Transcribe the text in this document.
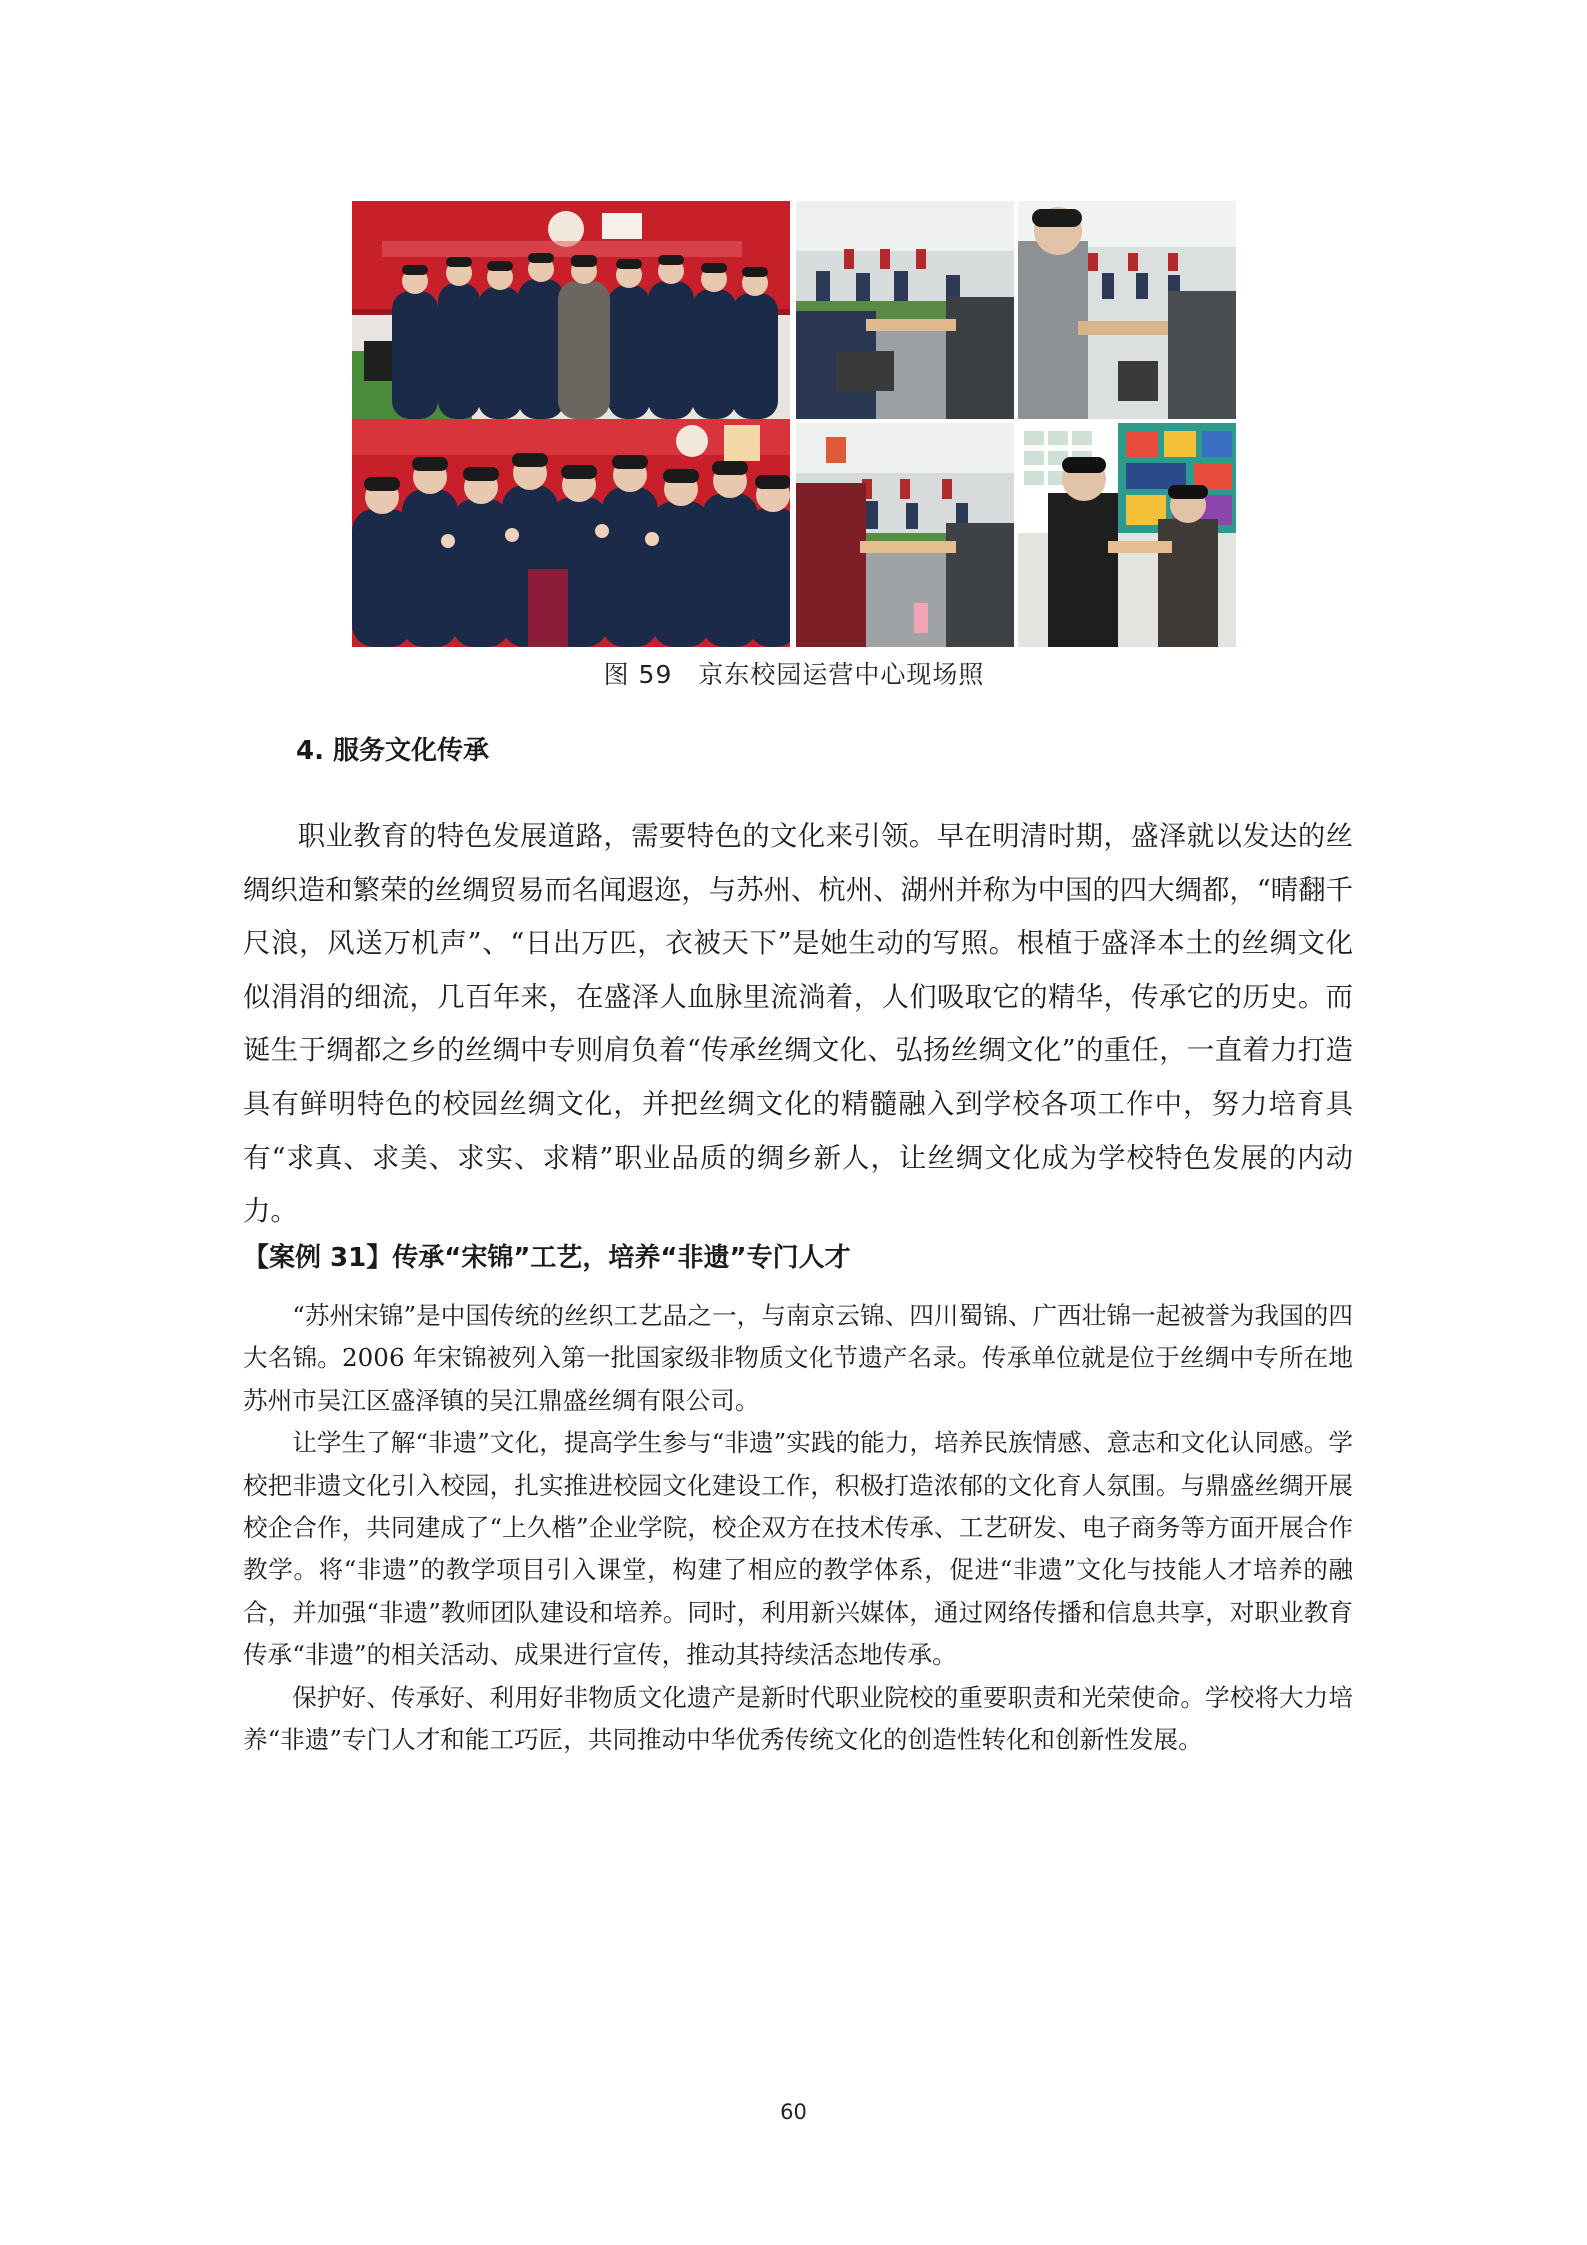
图 59 京东校园运营中心现场照
4. 服务文化传承

职业教育的特色发展道路，需要特色的文化来引领。早在明清时期，盛泽就以发达的丝绸织造和繁荣的丝绸贸易而名闻遐迩，与苏州、杭州、湖州并称为中国的四大绸都，“晴翻千尺浪，风送万机声”、“日出万匹，衣被天下”是她生动的写照。根植于盛泽本土的丝绸文化似涓涓的细流，几百年来，在盛泽人血脉里流淌着，人们吸取它的精华，传承它的历史。而诞生于绸都之乡的丝绸中专则肩负着“传承丝绸文化、弘扬丝绸文化”的重任，一直着力打造具有鲜明特色的校园丝绸文化，并把丝绸文化的精髓融入到学校各项工作中，努力培育具有“求真、求美、求实、求精”职业品质的绸乡新人，让丝绸文化成为学校特色发展的内动力。

【案例 31】传承“宋锦”工艺，培养“非遗”专门人才

“苏州宋锦”是中国传统的丝织工艺品之一，与南京云锦、四川蜀锦、广西壮锦一起被誉为我国的四大名锦。2006 年宋锦被列入第一批国家级非物质文化节遗产名录。传承单位就是位于丝绸中专所在地苏州市吴江区盛泽镇的吴江鼎盛丝绸有限公司。

让学生了解“非遗”文化，提高学生参与“非遗”实践的能力，培养民族情感、意志和文化认同感。学校把非遗文化引入校园，扎实推进校园文化建设工作，积极打造浓郁的文化育人氛围。与鼎盛丝绸开展校企合作，共同建成了“上久楷”企业学院，校企双方在技术传承、工艺研发、电子商务等方面开展合作教学。将“非遗”的教学项目引入课堂，构建了相应的教学体系，促进“非遗”文化与技能人才培养的融合，并加强“非遗”教师团队建设和培养。同时，利用新兴媒体，通过网络传播和信息共享，对职业教育传承“非遗”的相关活动、成果进行宣传，推动其持续活态地传承。

保护好、传承好、利用好非物质文化遗产是新时代职业院校的重要职责和光荣使命。学校将大力培养“非遗”专门人才和能工巧匠，共同推动中华优秀传统文化的创造性转化和创新性发展。

60
